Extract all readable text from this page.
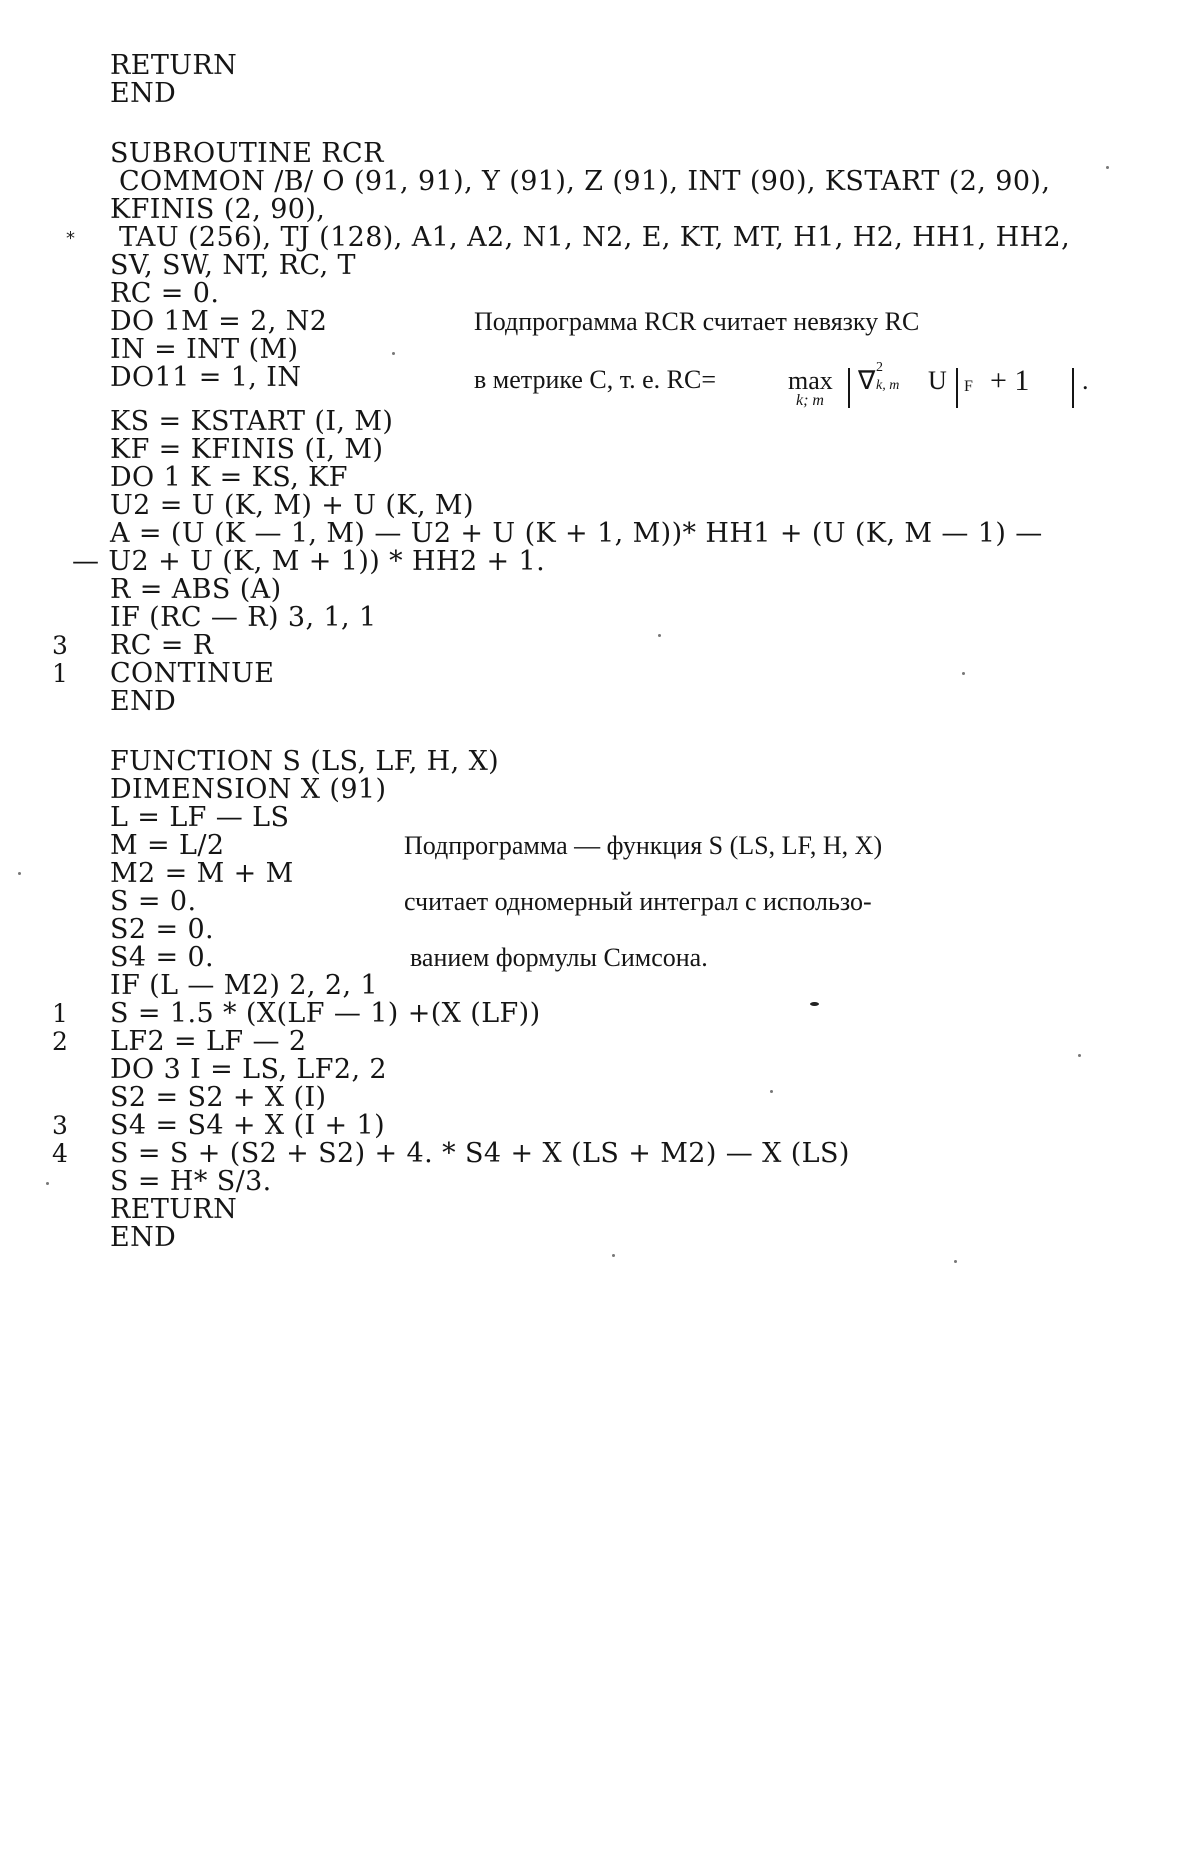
RETURN
END
SUBROUTINE RCR
COMMON /B/ O (91, 91), Y (91), Z (91), INT (90), KSTART (2, 90),
KFINIS (2, 90),
* TAU (256), TJ (128), A1, A2, N1, N2, E, KT, MT, H1, H2, HH1, HH2,
SV, SW, NT, RC, T
RC = 0.
DO 1M = 2, N2
IN = INT (M)
DO11 = 1, IN
KS = KSTART (I, M)
KF = KFINIS (I, M)
DO 1 K = KS, KF
U2 = U (K, M) + U (K, M)
A = (U (K — 1, M) — U2 + U (K + 1, M))* HH1 + (U (K, M — 1) —
— U2 + U (K, M + 1)) * HH2 + 1.
R = ABS (A)
IF (RC — R) 3, 1, 1
3 RC = R
1 CONTINUE
END
Подпрограмма RCR считает невязку RC
в метрике C, т. е. RC=	max
k; m
∇ 2
k, m U F + 1 .
FUNCTION S (LS, LF, H, X)
DIMENSION X (91)
L = LF — LS
M = L/2
M2 = M + M
S = 0.
S2 = 0.
S4 = 0.
IF (L — M2) 2, 2, 1
1 S = 1.5 * (X(LF — 1) +(X (LF))
2 LF2 = LF — 2
DO 3 I = LS, LF2, 2
S2 = S2 + X (I)
3 S4 = S4 + X (I + 1)
4 S = S + (S2 + S2) + 4. * S4 + X (LS + M2) — X (LS)
S = H* S/3.
RETURN
END
Подпрограмма — функция S (LS, LF, H, X)
считает одномерный интеграл с использо-
ванием формулы Симсона.
